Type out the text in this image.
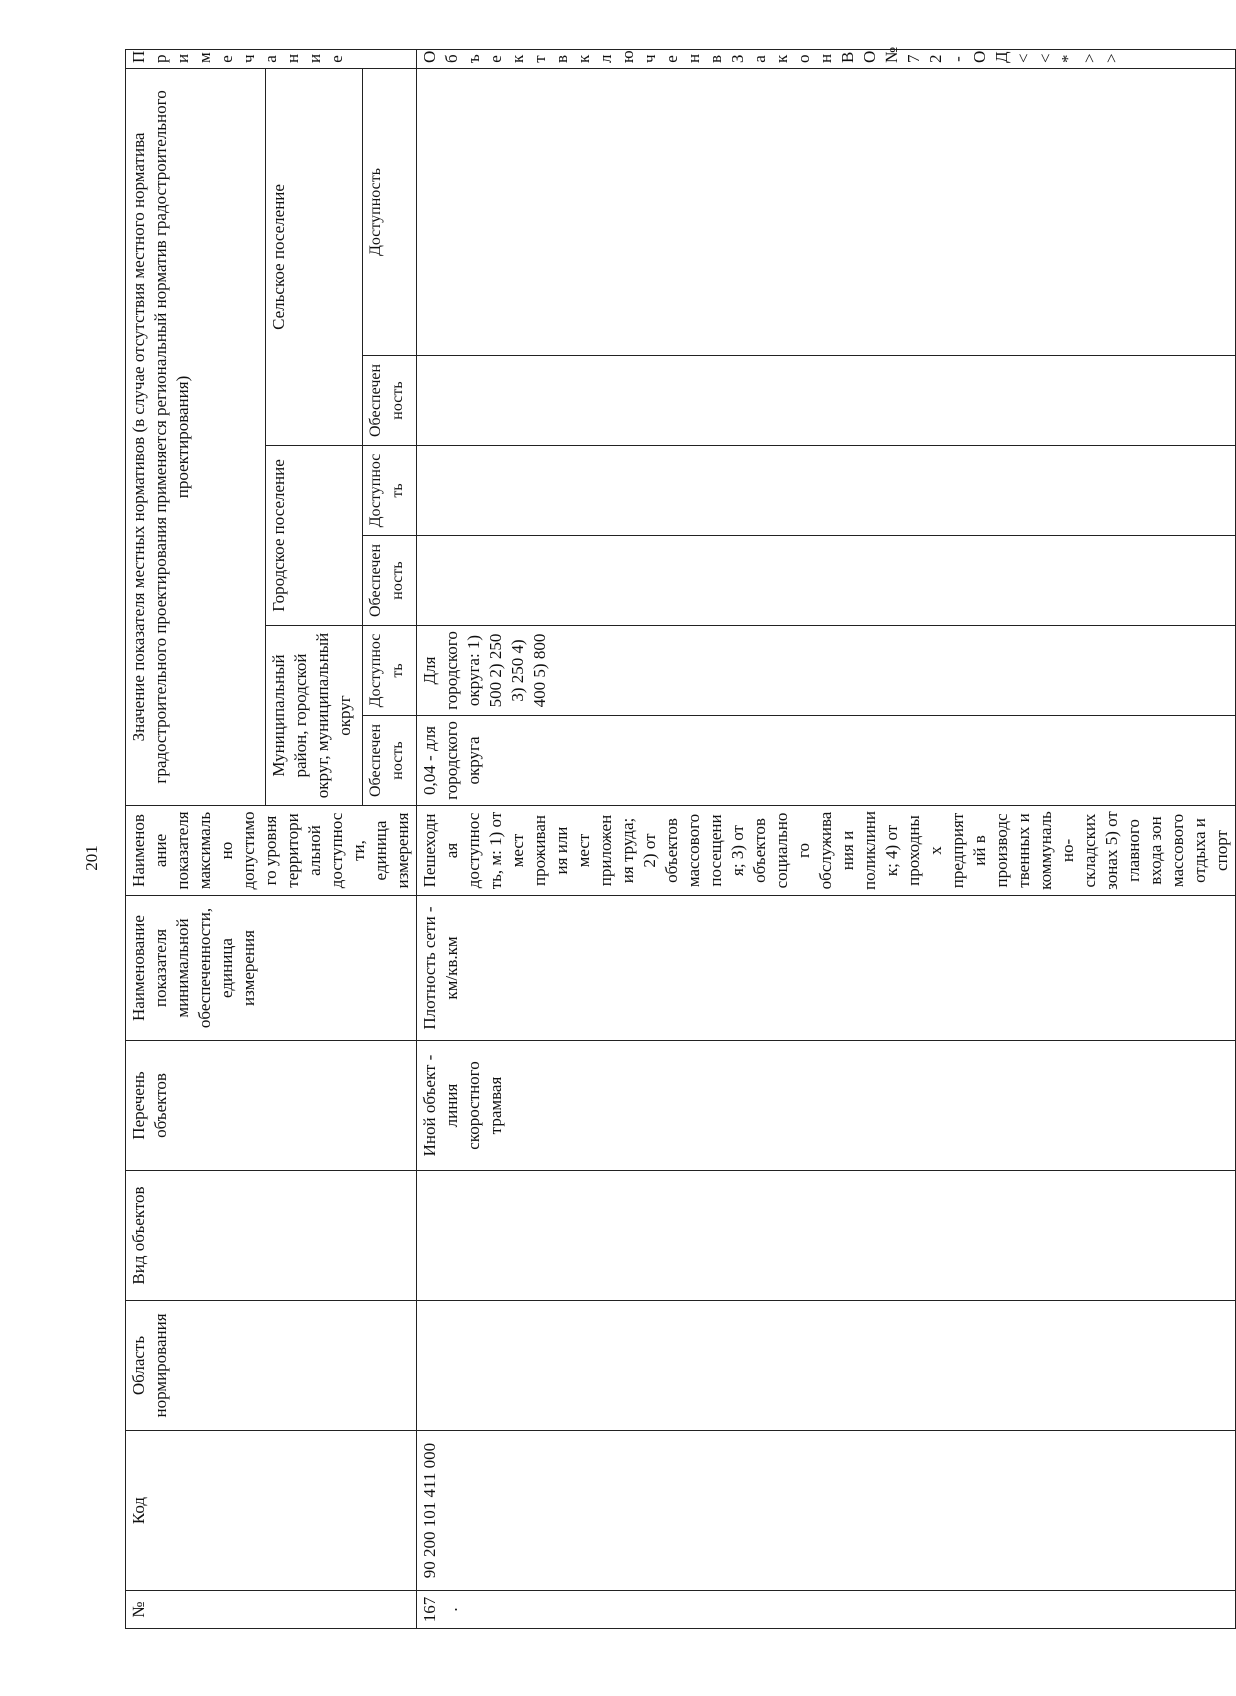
201
№	Код	Область нормирования	Вид объектов	Перечень объектов	Наименование показателя минимальной обеспеченности, единица измерения	Наименование показателя максимально допустимого уровня территориальной доступности, единица измерения	Значение показателя местных нормативов (в случае отсутствия местного норматива градостроительного проектирования применяется региональный норматив градостроительного проектирования)						Примечание
							Муниципальный район, городской округ, муниципальный округ		Городское поселение		Сельское поселение		
							Обеспеченность	Доступность	Обеспеченность	Доступность	Обеспеченность	Доступность	
167.	90 200 101 411 000			Иной объект - линия скоростного трамвая	Плотность сети - км/кв.км	Пешеходная доступность, м: 1) от мест проживания или мест приложения труда; 2) от объектов массового посещения; 3) от объектов социального обслуживания и поликлиник; 4) от проходных предприятий в производственных и коммунально-складских зонах 5) от главного входа зон массового отдыха и спорт	0,04 - для городского округа	Для городского округа: 1) 500 2) 250 3) 250 4) 400 5) 800					Объект включен в Закон ВО № 72-ОД<<*>>
